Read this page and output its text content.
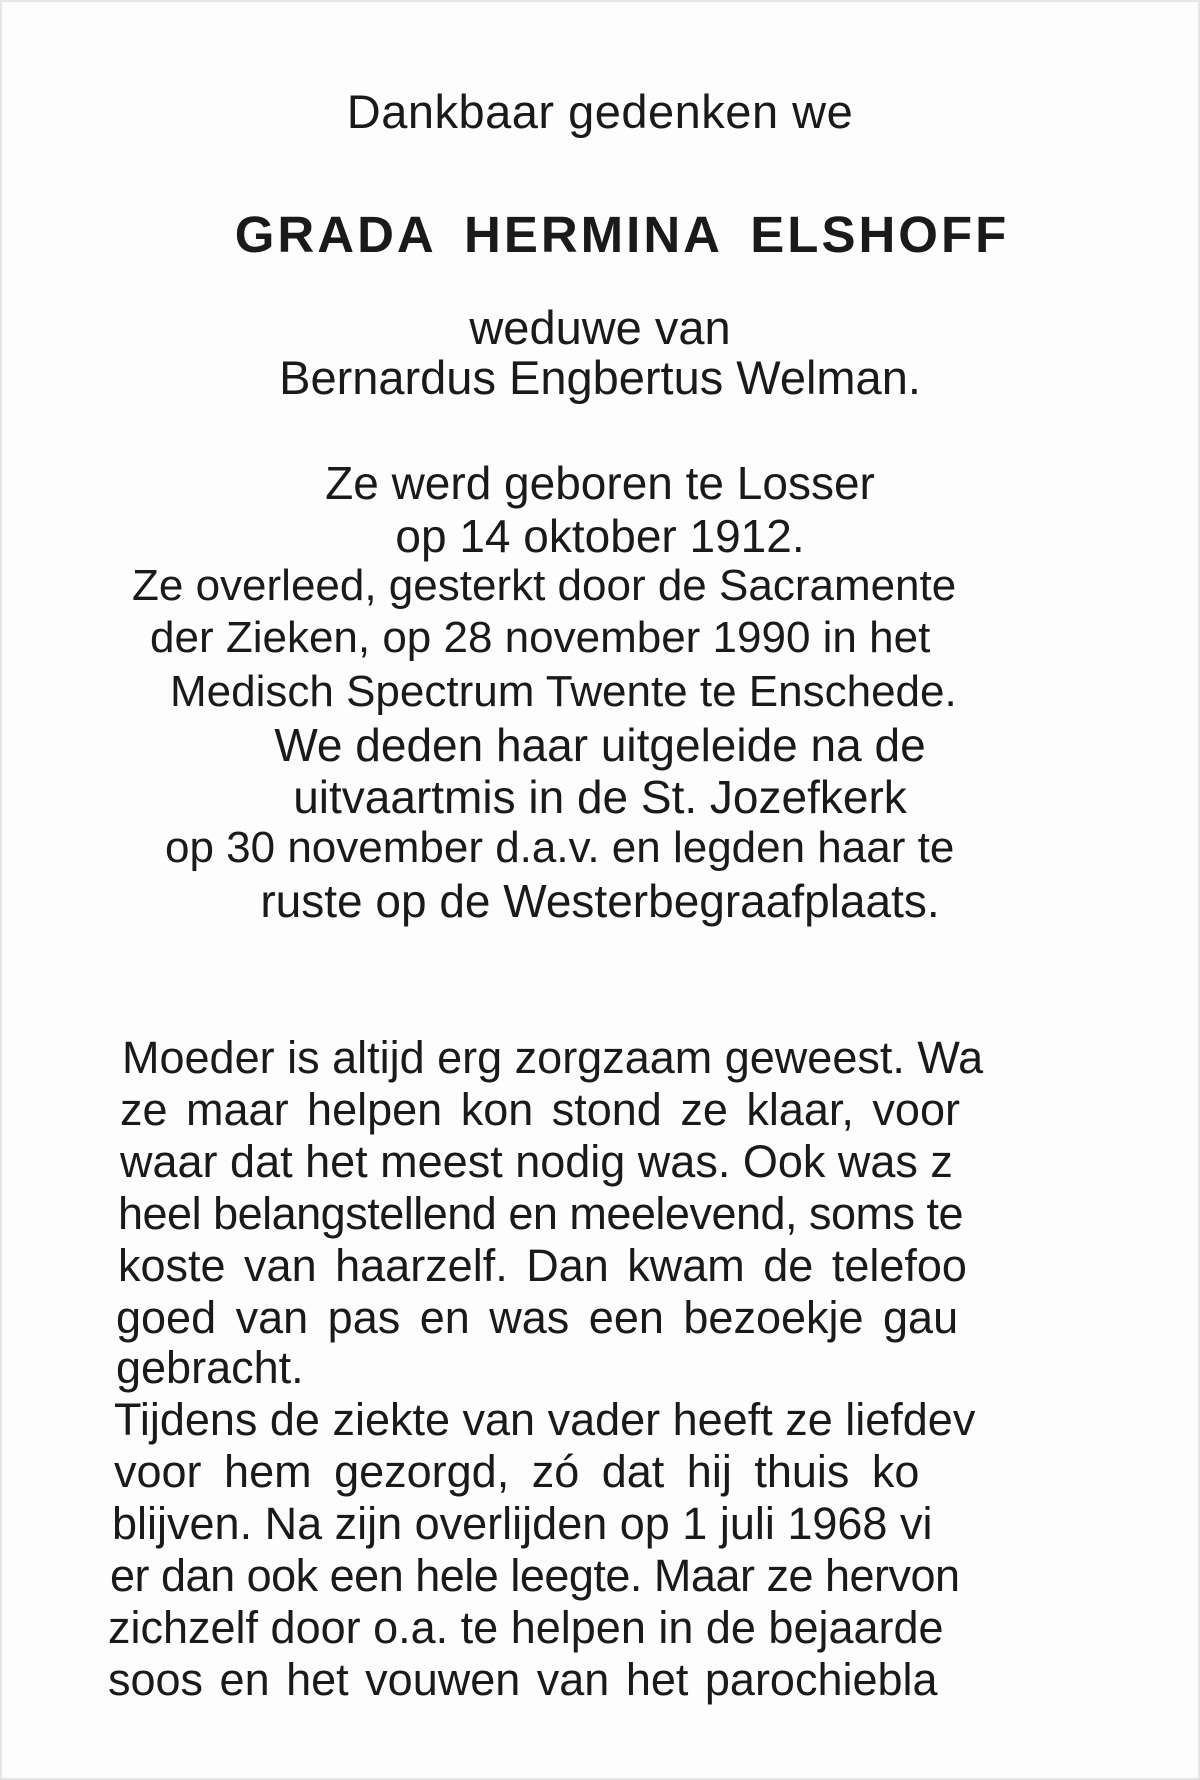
Dankbaar gedenken we
GRADA HERMINA ELSHOFF
weduwe van
Bernardus Engbertus Welman.
Ze werd geboren te Losser
op 14 oktober 1912.
Ze overleed, gesterkt door de Sacramente
der Zieken, op 28 november 1990 in het
Medisch Spectrum Twente te Enschede.
We deden haar uitgeleide na de
uitvaartmis in de St. Jozefkerk
op 30 november d.a.v. en legden haar te
ruste op de Westerbegraafplaats.
Moeder is altijd erg zorgzaam geweest. Wa
ze maar helpen kon stond ze klaar, voor
waar dat het meest nodig was. Ook was z
heel belangstellend en meelevend, soms te
koste van haarzelf. Dan kwam de telefoo
goed van pas en was een bezoekje gau
gebracht.
Tijdens de ziekte van vader heeft ze liefdev
voor hem gezorgd, zó dat hij thuis ko
blijven. Na zijn overlijden op 1 juli 1968 vi
er dan ook een hele leegte. Maar ze hervon
zichzelf door o.a. te helpen in de bejaarde
soos en het vouwen van het parochiebla
